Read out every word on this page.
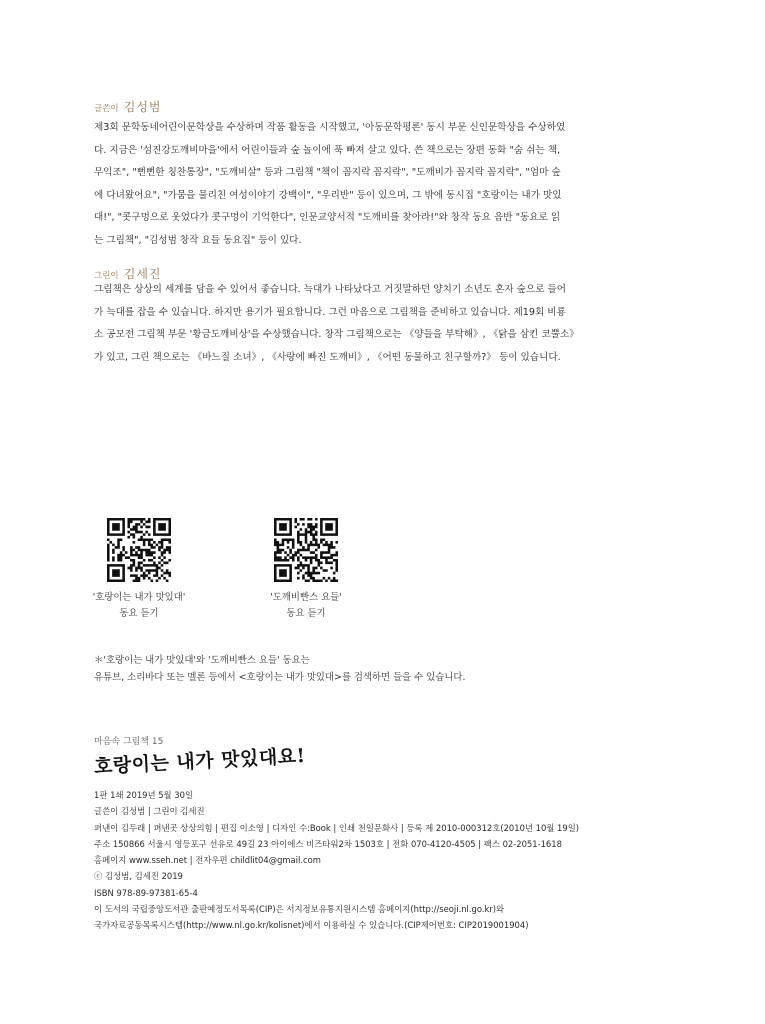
글쓴이 김성범
제3회 문학동네어린이문학상을 수상하며 작품 활동을 시작했고, '아동문학평론' 동시 부문 신인문학상을 수상하였
다. 지금은 '섬진강도깨비마을'에서 어린이들과 숲 놀이에 푹 빠져 살고 있다. 쓴 책으로는 장편 동화 "숨 쉬는 책,
무익조", "뻔뻔한 칭찬통장", "도깨비살" 등과 그림책 "책이 꼼지락 꼼지락", "도깨비가 꼼지락 꼼지락", "엄마 숲
에 다녀왔어요", "가뭄을 물리친 여성이야기 강백이", "우리반" 등이 있으며, 그 밖에 동시집 "호랑이는 내가 맛있
대!", "콧구멍으로 웃었다가 콧구멍이 기억한다", 인문교양서적 "도깨비를 찾아라!"와 창작 동요 음반 "동요로 읽
는 그림책", "김성범 창작 요들 동요집" 등이 있다.
그린이 김세진
그림책은 상상의 세계를 담을 수 있어서 좋습니다. 늑대가 나타났다고 거짓말하던 양치기 소년도 혼자 숲으로 들어
가 늑대를 잡을 수 있습니다. 하지만 용기가 필요합니다. 그런 마음으로 그림책을 준비하고 있습니다. 제19회 비룡
소 공모전 그림책 부문 '황금도깨비상'을 수상했습니다. 창작 그림책으로는 《양들을 부탁해》, 《닭을 삼킨 코뿔소》
가 있고, 그린 책으로는 《바느질 소녀》, 《사랑에 빠진 도깨비》, 《어떤 동물하고 친구할까?》 등이 있습니다.
'호랑이는 내가 맛있대'
동요 듣기
'도깨비빤스 요들'
동요 듣기
＊'호랑이는 내가 맛있대'와 '도깨비빤스 요들' 동요는
유튜브, 소리바다 또는 멜론 등에서 <호랑이는 내가 맛있대>를 검색하면 들을 수 있습니다.
마음속 그림책 15
호랑이는 내가 맛있대요!
1판 1쇄 2019년 5월 30일
글쓴이 김성범 | 그린이 김세진
펴낸이 김두래 | 펴낸곳 상상의힘 | 편집 이소영 | 디자인 수:Book | 인쇄 천일문화사 | 등록 제 2010-000312호(2010년 10월 19일)
주소 150866 서울시 영등포구 선유로 49길 23 아이에스 비즈타워2차 1503호 | 전화 070-4120-4505 | 팩스 02-2051-1618
홈페이지 www.sseh.net | 전자우편 childlit04@gmail.com
ⓒ 김성범, 김세진 2019
ISBN 978-89-97381-65-4
이 도서의 국립중앙도서관 출판예정도서목록(CIP)은 서지정보유통지원시스템 홈페이지(http://seoji.nl.go.kr)와
국가자료공동목록시스템(http://www.nl.go.kr/kolisnet)에서 이용하실 수 있습니다.(CIP제어번호: CIP2019001904)
